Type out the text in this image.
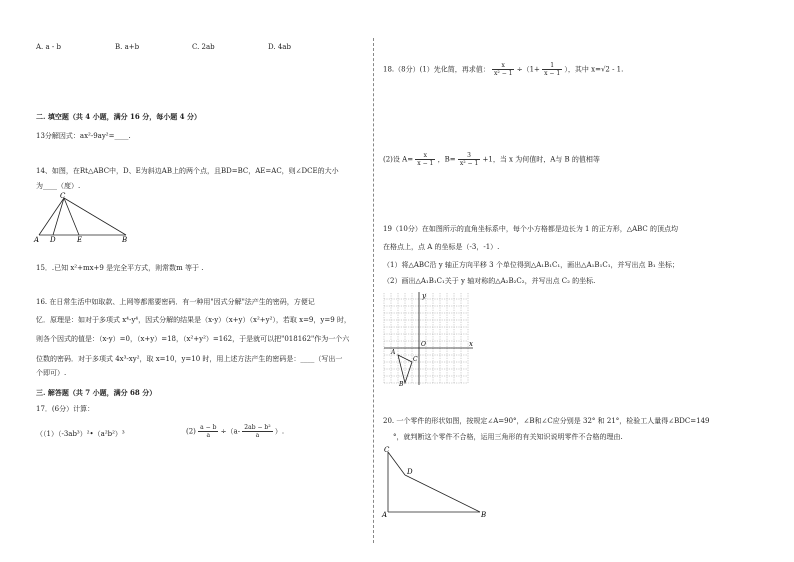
A. a - b	B. a+b	C. 2ab	D. 4ab
二. 填空题（共 4 小题，满分 16 分，每小题 4 分）
13分解因式：ax²-9ay²=____.
14、如图，在Rt△ABC中，D、E为斜边AB上的两个点，且BD=BC，AE=AC，则∠DCE的大小
为____（度）.
C
A D	E	B
15．.已知 x²+mx+9 是完全平方式，则常数m 等于 .
16. 在日常生活中如取款、上网等都需要密码．有一种用"因式分解"法产生的密码，方便记
忆．原理是：如对于多项式 x⁴-y⁴，因式分解的结果是（x-y）（x+y）（x²+y²），若取 x=9，y=9 时，
则各个因式的值是：（x-y）=0，（x+y）=18，（x²+y²）=162，于是就可以把"018162"作为一个六
位数的密码．对于多项式 4x³-xy²，取 x=10，y=10 时，用上述方法产生的密码是：____（写出一
个即可）.
三. 解答题（共 7 小题，满分 68 分）
17．(6分）计算：
（（1）（-3ab³）²•（a²b²）³	$(2) \frac{a - b}{a} \div(a- \frac{\text{2ab − b²}}{a}$ ）.
18.（8分）(1）先化简，再求值： $\frac{x}{\text{x² − 1}} \div(1+ \frac{1}{x - 1}$ ），其中 x=√2 - 1.
(2)设 $A= \frac{x}{x - 1}$ ，$B= \frac{3}{\text{x² − 1}} +1$，当 x 为何值时，A与 B 的值相等
19（10分）在如图所示的直角坐标系中，每个小方格都是边长为 1 的正方形，△ABC 的顶点均
在格点上，点 A 的坐标是（-3，-1）.
（1）将△ABC沿 y 轴正方向平移 3 个单位得到△A₁B₁C₁，画出△A₁B₁C₁，并写出点 B₁ 坐标；
（2）画出△A₁B₁C₁关于 y 轴对称的△A₂B₂C₂，并写出点 C₂ 的坐标.
y
x
O
A
B
C
20. 一个零件的形状如图，按规定∠A=90°，∠B和∠C应分别是 32° 和 21°，检验工人量得∠BDC=149
°，就判断这个零件不合格，运用三角形的有关知识说明零件不合格的理由.
C
D
A	B
